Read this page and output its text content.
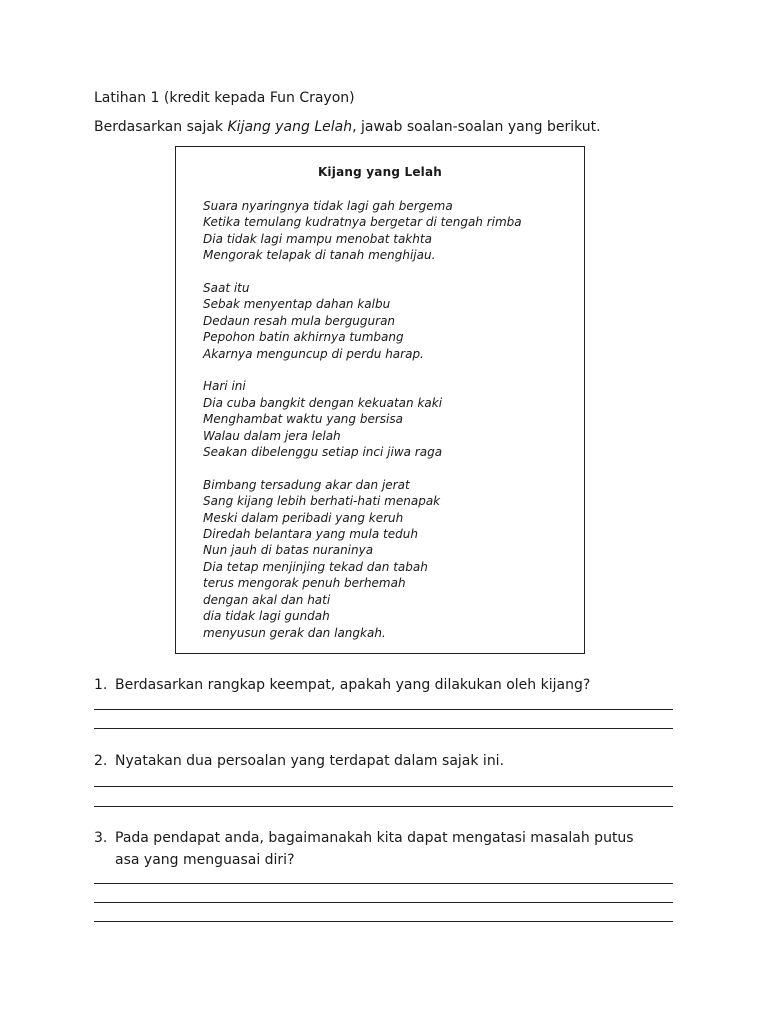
Latihan 1 (kredit kepada Fun Crayon)
Berdasarkan sajak Kijang yang Lelah, jawab soalan-soalan yang berikut.
Kijang yang Lelah
Suara nyaringnya tidak lagi gah bergema
Ketika temulang kudratnya bergetar di tengah rimba
Dia tidak lagi mampu menobat takhta
Mengorak telapak di tanah menghijau.
Saat itu
Sebak menyentap dahan kalbu
Dedaun resah mula berguguran
Pepohon batin akhirnya tumbang
Akarnya menguncup di perdu harap.
Hari ini
Dia cuba bangkit dengan kekuatan kaki
Menghambat waktu yang bersisa
Walau dalam jera lelah
Seakan dibelenggu setiap inci jiwa raga
Bimbang tersadung akar dan jerat
Sang kijang lebih berhati-hati menapak
Meski dalam peribadi yang keruh
Diredah belantara yang mula teduh
Nun jauh di batas nuraninya
Dia tetap menjinjing tekad dan tabah
terus mengorak penuh berhemah
dengan akal dan hati
dia tidak lagi gundah
menyusun gerak dan langkah.
1. Berdasarkan rangkap keempat, apakah yang dilakukan oleh kijang?
2. Nyatakan dua persoalan yang terdapat dalam sajak ini.
3. Pada pendapat anda, bagaimanakah kita dapat mengatasi masalah putus asa yang menguasai diri?
